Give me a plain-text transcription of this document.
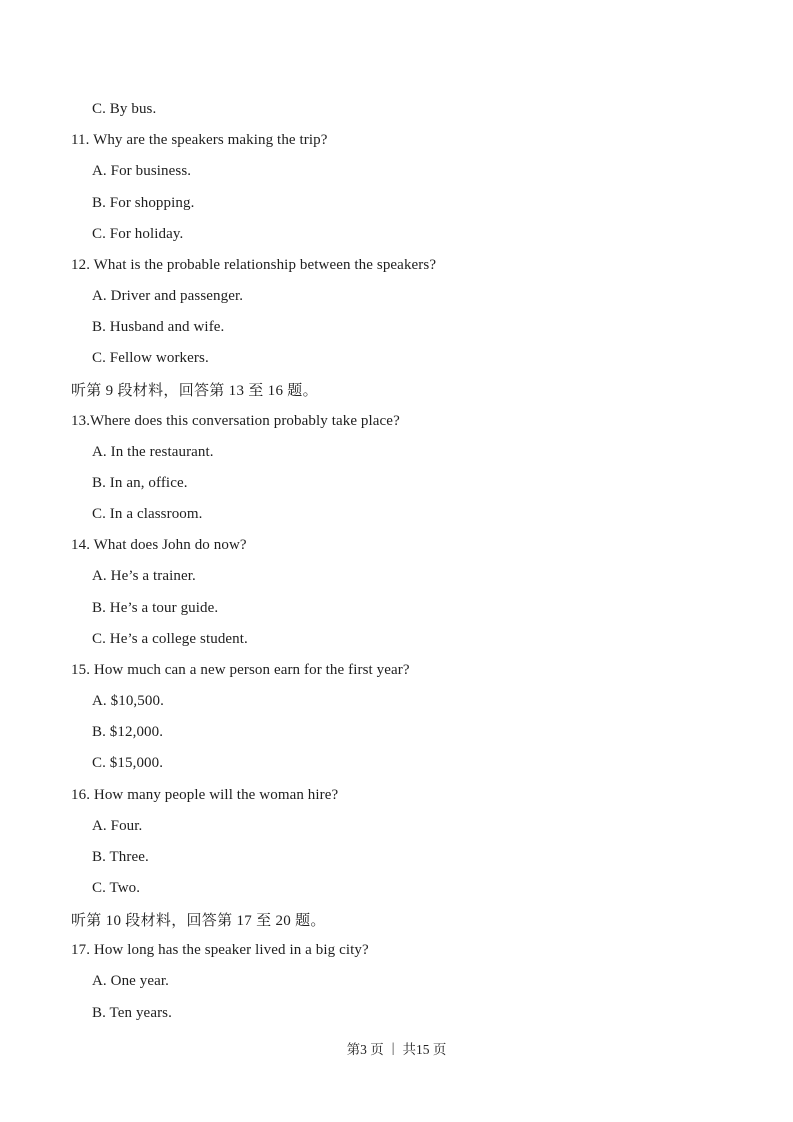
C. By bus.
11. Why are the speakers making the trip?
A. For business.
B. For shopping.
C. For holiday.
12. What is the probable relationship between the speakers?
A. Driver and passenger.
B. Husband and wife.
C. Fellow workers.
听第 9 段材料，回答第 13 至 16 题。
13.Where does this conversation probably take place?
A. In the restaurant.
B. In an, office.
C. In a classroom.
14. What does John do now?
A. He’s a trainer.
B. He’s a tour guide.
C. He’s a college student.
15. How much can a new person earn for the first year?
A. $10,500.
B. $12,000.
C. $15,000.
16. How many people will the woman hire?
A. Four.
B. Three.
C. Two.
听第 10 段材料，回答第 17 至 20 题。
17. How long has the speaker lived in a big city?
A. One year.
B. Ten years.
第3 页 | 共15 页
